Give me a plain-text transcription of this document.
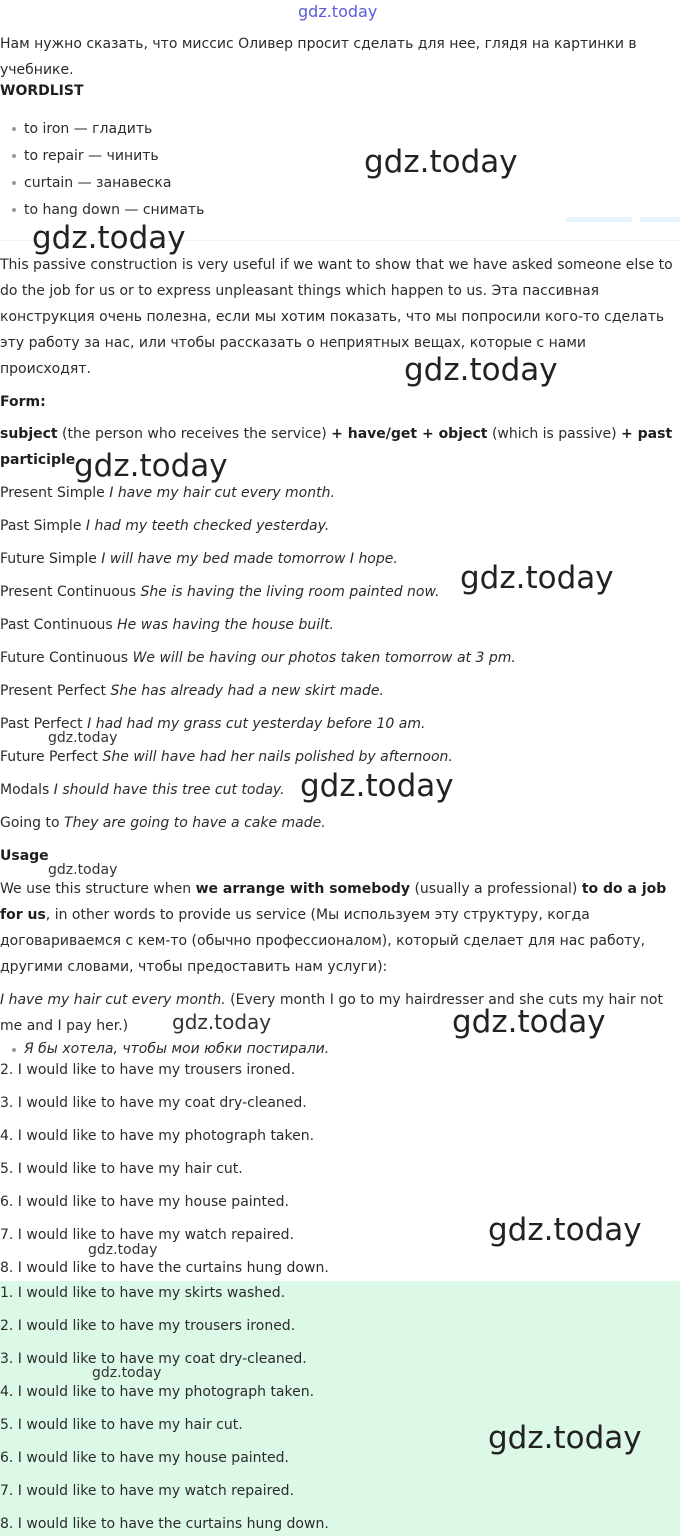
gdz.today
gdz.today
gdz.today
gdz.today
gdz.today
gdz.today
gdz.today
gdz.today
gdz.today
gdz.today	gdz.today
gdz.today
gdz.today
gdz.today
gdz.today
Нам нужно сказать, что миссис Оливер просит сделать для нее, глядя на картинки в учебнике.
WORDLIST
to iron — гладить
to repair — чинить
curtain — занавеска
to hang down — снимать
This passive construction is very useful if we want to show that we have asked someone else to do the job for us or to express unpleasant things which happen to us. Эта пассивная конструкция очень полезна, если мы хотим показать, что мы попросили кого-то сделать эту работу за нас, или чтобы рассказать о неприятных вещах, которые с нами происходят.
Form:
subject (the person who receives the service) + have/get + object (which is passive) + past participle
Present Simple I have my hair cut every month.
Past Simple I had my teeth checked yesterday.
Future Simple I will have my bed made tomorrow I hope.
Present Continuous She is having the living room painted now.
Past Continuous He was having the house built.
Future Continuous We will be having our photos taken tomorrow at 3 pm.
Present Perfect She has already had a new skirt made.
Past Perfect I had had my grass cut yesterday before 10 am.
Future Perfect She will have had her nails polished by afternoon.
Modals I should have this tree cut today.
Going to They are going to have a cake made.
Usage
We use this structure when we arrange with somebody (usually a professional) to do a job for us, in other words to provide us service (Мы используем эту структуру, когда договариваемся с кем-то (обычно профессионалом), который сделает для нас работу, другими словами, чтобы предоставить нам услуги):
I have my hair cut every month. (Every month I go to my hairdresser and she cuts my hair not me and I pay her.)
Я бы хотела, чтобы мои юбки постирали.
2. I would like to have my trousers ironed.
3. I would like to have my coat dry-cleaned.
4. I would like to have my photograph taken.
5. I would like to have my hair cut.
6. I would like to have my house painted.
7. I would like to have my watch repaired.
8. I would like to have the curtains hung down.
1. I would like to have my skirts washed.
2. I would like to have my trousers ironed.
3. I would like to have my coat dry-cleaned.
4. I would like to have my photograph taken.
5. I would like to have my hair cut.
6. I would like to have my house painted.
7. I would like to have my watch repaired.
8. I would like to have the curtains hung down.
